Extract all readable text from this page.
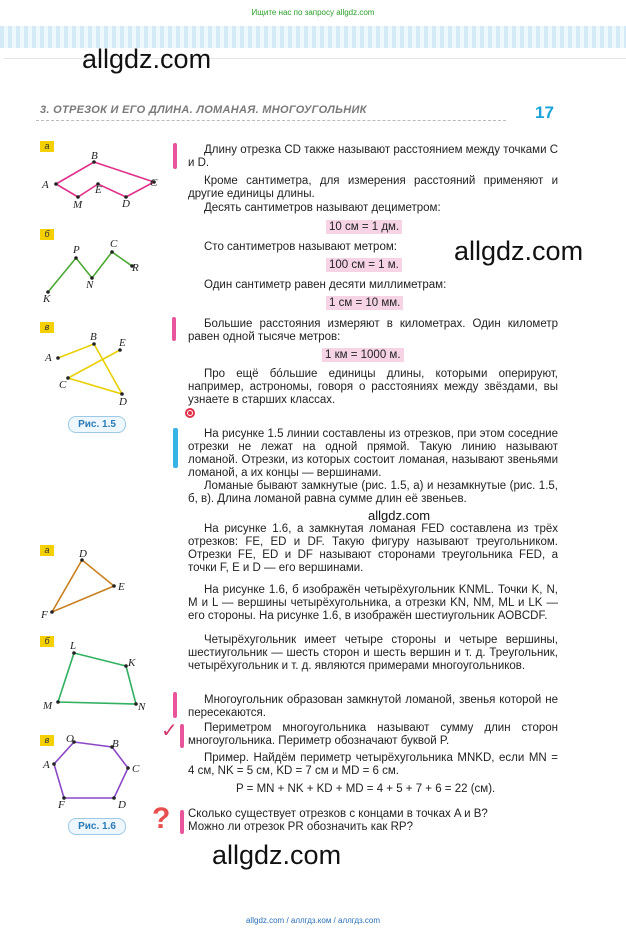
Ищите нас по запросу allgdz.com
allgdz.com
allgdz.com
allgdz.com
allgdz.com
3. ОТРЕЗОК И ЕГО ДЛИНА. ЛОМАНАЯ. МНОГОУГОЛЬНИК	17
а
A
B
C
M
E
D
б
P	C
R
N
K
в
B E
A
C
D
Рис. 1.5
а	D
E
F
б	L
K
M	N
в	O	B
A	C
F	D
Рис. 1.6
✓
?
Длину отрезка CD также называют расстоянием между точками C и D.
Кроме сантиметра, для измерения расстояний применяют и другие единицы длины.
Десять сантиметров называют дециметром:
10 см = 1 дм.
Сто сантиметров называют метром:
100 см = 1 м.
Один сантиметр равен десяти миллиметрам:
1 см = 10 мм.
Большие расстояния измеряют в километрах. Один километр равен одной тысяче метров:
1 км = 1000 м.
Про ещё бóльшие единицы длины, которыми оперируют, например, астрономы, говоря о расстояниях между звёздами, вы узнаете в старших классах.
На рисунке 1.5 линии составлены из отрезков, при этом соседние отрезки не лежат на одной прямой. Такую линию называют ломаной. Отрезки, из которых состоит ломаная, называют звеньями ломаной, а их концы — вершинами.
Ломаные бывают замкнутые (рис. 1.5, а) и незамкнутые (рис. 1.5, б, в). Длина ломаной равна сумме длин её звеньев.
На рисунке 1.6, а замкнутая ломаная FED составлена из трёх отрезков: FE, ED и DF. Такую фигуру называют треугольником. Отрезки FE, ED и DF называют сторонами треугольника FED, а точки F, E и D — его вершинами.
На рисунке 1.6, б изображён четырёхугольник KNML. Точки K, N, M и L — вершины четырёхугольника, а отрезки KN, NM, ML и LK — его стороны. На рисунке 1.6, в изображён шестиугольник AOBCDF.
Четырёхугольник имеет четыре стороны и четыре вершины, шестиугольник — шесть сторон и шесть вершин и т. д. Треугольник, четырёхугольник и т. д. являются примерами многоугольников.
Многоугольник образован замкнутой ломаной, звенья которой не пересекаются.
Периметром многоугольника называют сумму длин сторон многоугольника. Периметр обозначают буквой P.
Пример. Найдём периметр четырёхугольника MNKD, если MN = 4 см, NK = 5 см, KD = 7 см и MD = 6 см.
P = MN + NK + KD + MD = 4 + 5 + 7 + 6 = 22 (см).
Сколько существует отрезков с концами в точках A и B?
Можно ли отрезок PR обозначить как RP?
allgdz.com / аллгдз.ком / аллгдз.com
